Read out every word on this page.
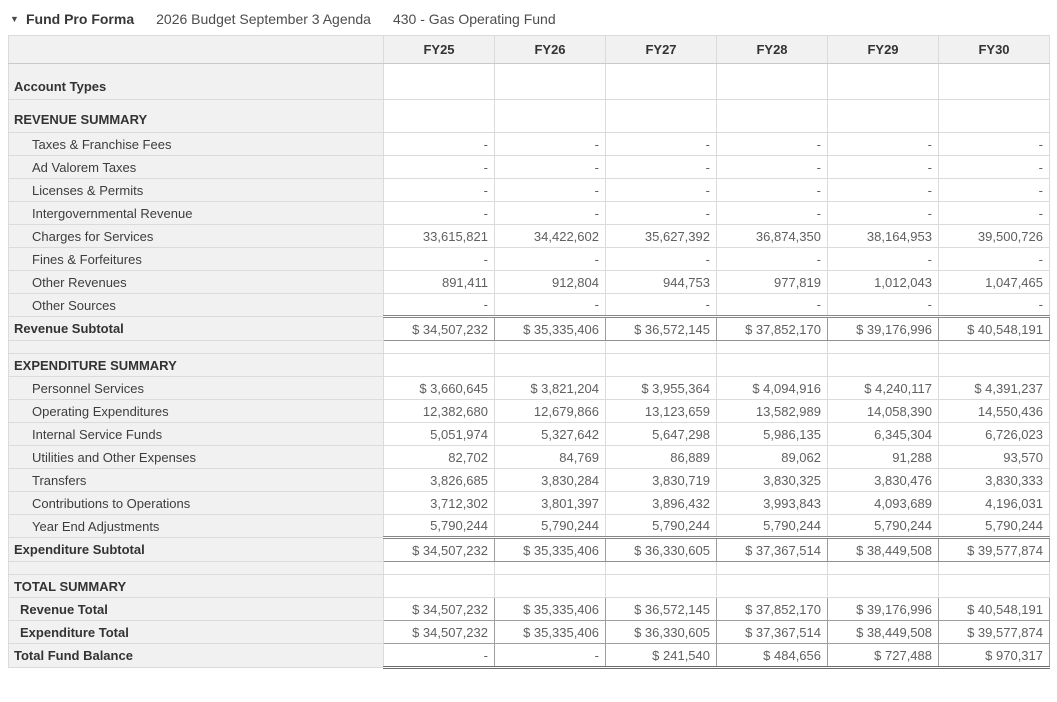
▼ Fund Pro Forma 2026 Budget September 3 Agenda 430 - Gas Operating Fund
	FY25	FY26	FY27	FY28	FY29	FY30
Account Types						
REVENUE SUMMARY						
Taxes & Franchise Fees	-	-	-	-	-	-
Ad Valorem Taxes	-	-	-	-	-	-
Licenses & Permits	-	-	-	-	-	-
Intergovernmental Revenue	-	-	-	-	-	-
Charges for Services	33,615,821	34,422,602	35,627,392	36,874,350	38,164,953	39,500,726
Fines & Forfeitures	-	-	-	-	-	-
Other Revenues	891,411	912,804	944,753	977,819	1,012,043	1,047,465
Other Sources	-	-	-	-	-	-
Revenue Subtotal	$ 34,507,232	$ 35,335,406	$ 36,572,145	$ 37,852,170	$ 39,176,996	$ 40,548,191

EXPENDITURE SUMMARY						
Personnel Services	$ 3,660,645	$ 3,821,204	$ 3,955,364	$ 4,094,916	$ 4,240,117	$ 4,391,237
Operating Expenditures	12,382,680	12,679,866	13,123,659	13,582,989	14,058,390	14,550,436
Internal Service Funds	5,051,974	5,327,642	5,647,298	5,986,135	6,345,304	6,726,023
Utilities and Other Expenses	82,702	84,769	86,889	89,062	91,288	93,570
Transfers	3,826,685	3,830,284	3,830,719	3,830,325	3,830,476	3,830,333
Contributions to Operations	3,712,302	3,801,397	3,896,432	3,993,843	4,093,689	4,196,031
Year End Adjustments	5,790,244	5,790,244	5,790,244	5,790,244	5,790,244	5,790,244
Expenditure Subtotal	$ 34,507,232	$ 35,335,406	$ 36,330,605	$ 37,367,514	$ 38,449,508	$ 39,577,874

TOTAL SUMMARY						
Revenue Total	$ 34,507,232	$ 35,335,406	$ 36,572,145	$ 37,852,170	$ 39,176,996	$ 40,548,191
Expenditure Total	$ 34,507,232	$ 35,335,406	$ 36,330,605	$ 37,367,514	$ 38,449,508	$ 39,577,874
Total Fund Balance	-	-	$ 241,540	$ 484,656	$ 727,488	$ 970,317
